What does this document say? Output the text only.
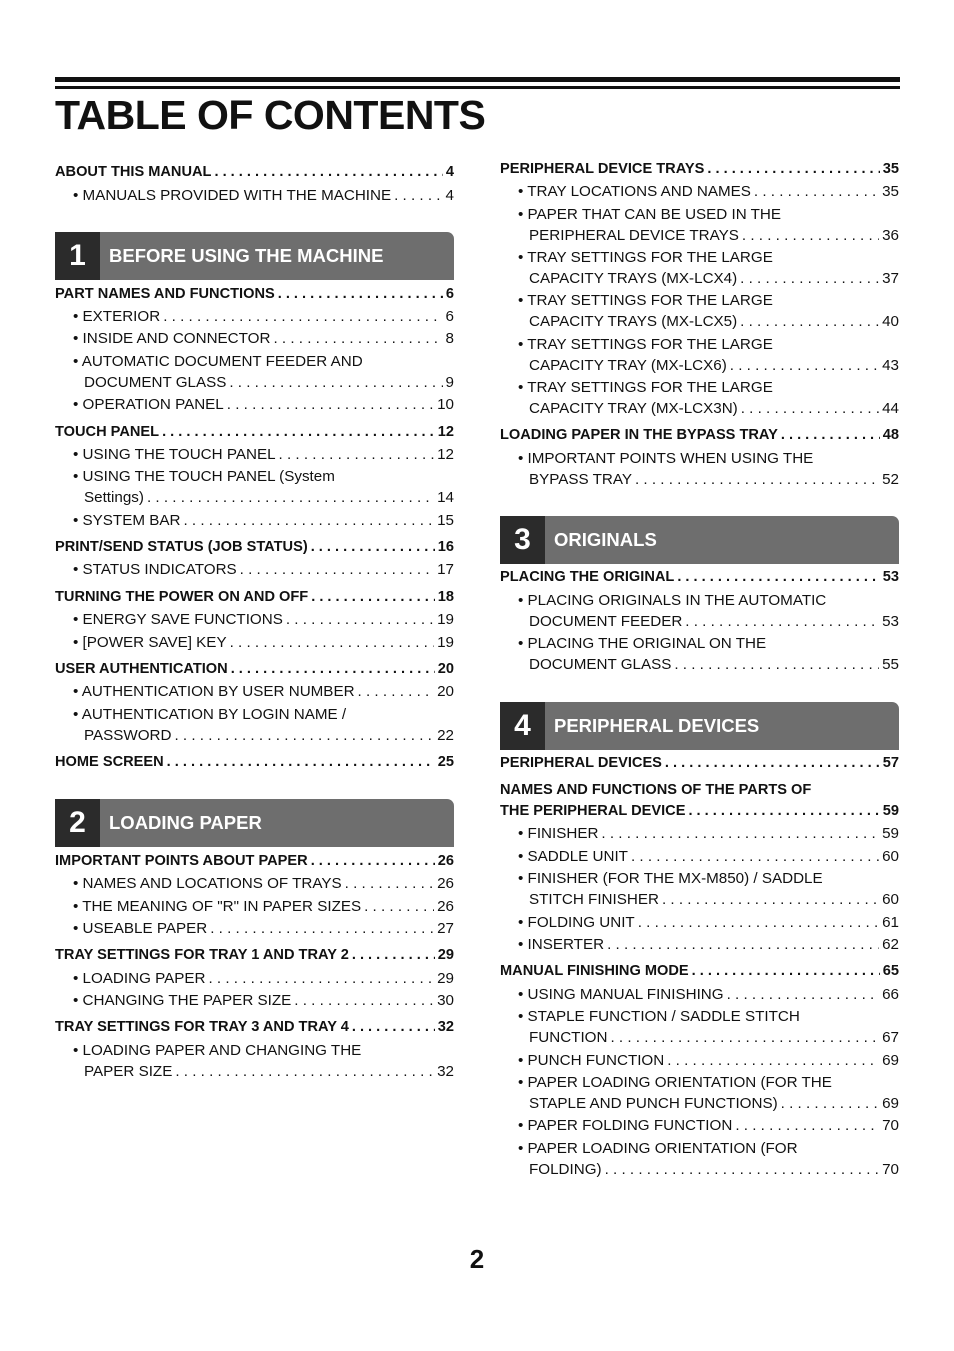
TABLE OF CONTENTS
ABOUT THIS MANUAL . . .	4
• MANUALS PROVIDED WITH THE MACHINE . . .	4
1	BEFORE USING THE MACHINE
PART NAMES AND FUNCTIONS . . .	6
• EXTERIOR . . .	6
• INSIDE AND CONNECTOR . . .	8
• AUTOMATIC DOCUMENT FEEDER AND
DOCUMENT GLASS . . .	9
• OPERATION PANEL . . .	10
TOUCH PANEL . . .	12
• USING THE TOUCH PANEL . . .	12
• USING THE TOUCH PANEL (System
Settings) . . .	14
• SYSTEM BAR . . .	15
PRINT/SEND STATUS (JOB STATUS) . . .	16
• STATUS INDICATORS . . .	17
TURNING THE POWER ON AND OFF . . .	18
• ENERGY SAVE FUNCTIONS . . .	19
• [POWER SAVE] KEY . . .	19
USER AUTHENTICATION . . .	20
• AUTHENTICATION BY USER NUMBER . . .	20
• AUTHENTICATION BY LOGIN NAME /
PASSWORD . . .	22
HOME SCREEN . . .	25
2	LOADING PAPER
IMPORTANT POINTS ABOUT PAPER . . .	26
• NAMES AND LOCATIONS OF TRAYS . . .	26
• THE MEANING OF "R" IN PAPER SIZES . . .	26
• USEABLE PAPER . . .	27
TRAY SETTINGS FOR TRAY 1 AND TRAY 2 . . .	29
• LOADING PAPER . . .	29
• CHANGING THE PAPER SIZE . . .	30
TRAY SETTINGS FOR TRAY 3 AND TRAY 4 . . .	32
• LOADING PAPER AND CHANGING THE
PAPER SIZE . . .	32
PERIPHERAL DEVICE TRAYS . . .	35
• TRAY LOCATIONS AND NAMES . . .	35
• PAPER THAT CAN BE USED IN THE
PERIPHERAL DEVICE TRAYS . . .	36
• TRAY SETTINGS FOR THE LARGE
CAPACITY TRAYS (MX-LCX4) . . .	37
• TRAY SETTINGS FOR THE LARGE
CAPACITY TRAYS (MX-LCX5) . . .	40
• TRAY SETTINGS FOR THE LARGE
CAPACITY TRAY (MX-LCX6) . . .	43
• TRAY SETTINGS FOR THE LARGE
CAPACITY TRAY (MX-LCX3N) . . .	44
LOADING PAPER IN THE BYPASS TRAY . . .	48
• IMPORTANT POINTS WHEN USING THE
BYPASS TRAY . . .	52
3	ORIGINALS
PLACING THE ORIGINAL . . .	53
• PLACING ORIGINALS IN THE AUTOMATIC
DOCUMENT FEEDER . . .	53
• PLACING THE ORIGINAL ON THE
DOCUMENT GLASS . . .	55
4	PERIPHERAL DEVICES
PERIPHERAL DEVICES . . .	57
NAMES AND FUNCTIONS OF THE PARTS OF
THE PERIPHERAL DEVICE . . .	59
• FINISHER . . .	59
• SADDLE UNIT . . .	60
• FINISHER (FOR THE MX-M850) / SADDLE
STITCH FINISHER . . .	60
• FOLDING UNIT . . .	61
• INSERTER . . .	62
MANUAL FINISHING MODE . . .	65
• USING MANUAL FINISHING . . .	66
• STAPLE FUNCTION / SADDLE STITCH
FUNCTION . . .	67
• PUNCH FUNCTION . . .	69
• PAPER LOADING ORIENTATION (FOR THE
STAPLE AND PUNCH FUNCTIONS) . . .	69
• PAPER FOLDING FUNCTION . . .	70
• PAPER LOADING ORIENTATION (FOR
FOLDING) . . .	70
2
